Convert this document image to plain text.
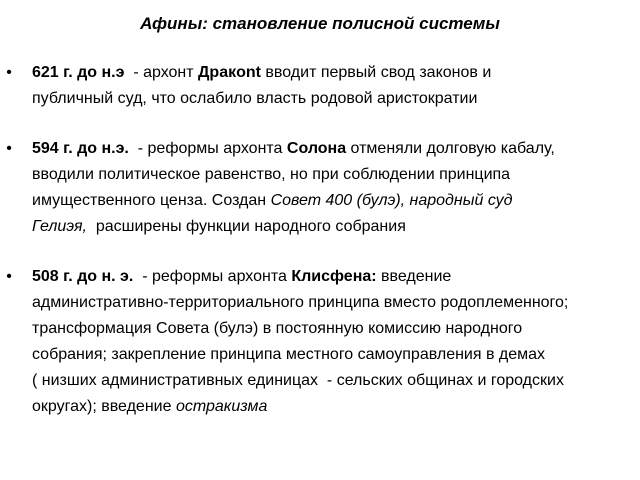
Афины: становление полисной системы
• 621 г. до н.э  - архонт Дракont вводит первый свод законов и
публичный суд, что ослабило власть родовой аристократии
• 594 г. до н.э.  - реформы архонта Солона отменяли долговую кабалу,
вводили политическое равенство, но при соблюдении принципа
имущественного ценза. Создан Совет 400 (булэ), народный суд
Гелиэя,  расширены функции народного собрания
• 508 г. до н. э.  - реформы архонта Клисфена: введение
административно-территориального принципа вместо родоплеменного;
трансформация Совета (булэ) в постоянную комиссию народного
собрания; закрепление принципа местного самоуправления в демах
( низших административных единицах  - сельских общинах и городских
округах); введение остракизма
